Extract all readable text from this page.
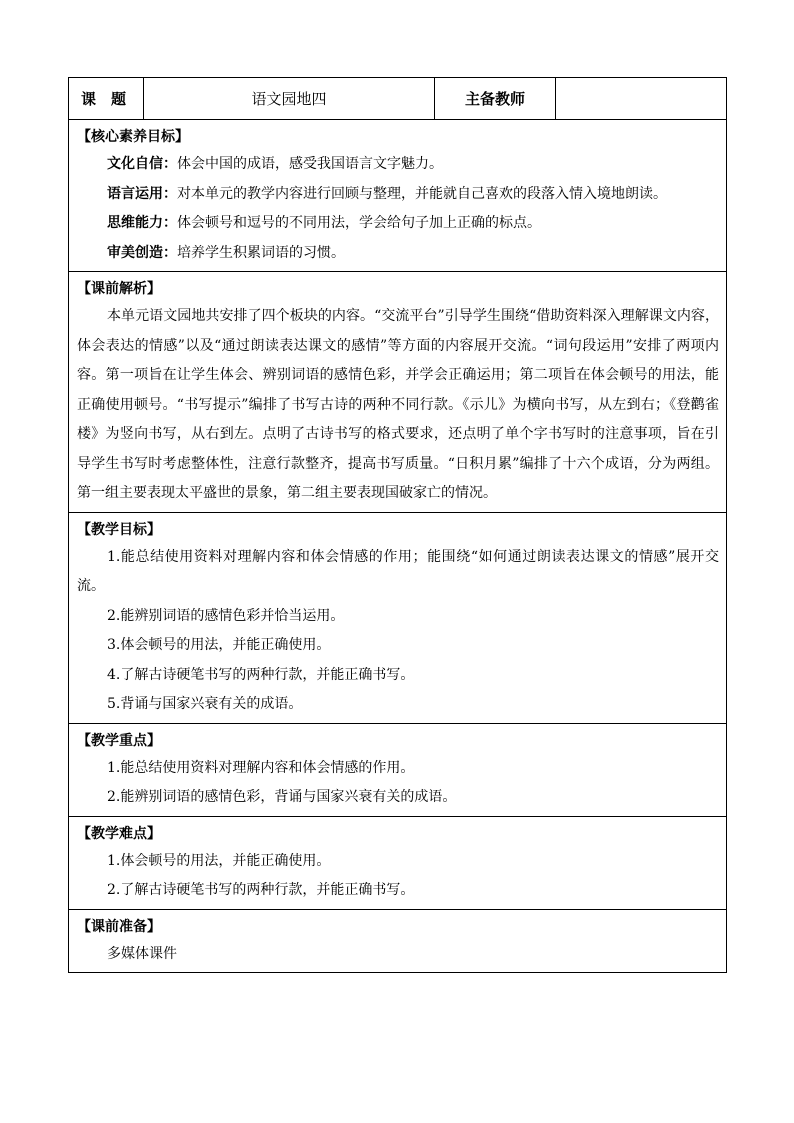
课　题	语文园地四	主备教师	

【核心素养目标】
文化自信：体会中国的成语，感受我国语言文字魅力。
语言运用：对本单元的教学内容进行回顾与整理，并能就自己喜欢的段落入情入境地朗读。
思维能力：体会顿号和逗号的不同用法，学会给句子加上正确的标点。
审美创造：培养学生积累词语的习惯。

【课前解析】
本单元语文园地共安排了四个板块的内容。“交流平台”引导学生围绕“借助资料深入理解课文内容，体会表达的情感”以及“通过朗读表达课文的感情”等方面的内容展开交流。“词句段运用”安排了两项内容。第一项旨在让学生体会、辨别词语的感情色彩，并学会正确运用；第二项旨在体会顿号的用法，能正确使用顿号。“书写提示”编排了书写古诗的两种不同行款。《示儿》为横向书写，从左到右；《登鹳雀楼》为竖向书写，从右到左。点明了古诗书写的格式要求，还点明了单个字书写时的注意事项，旨在引导学生书写时考虑整体性，注意行款整齐，提高书写质量。“日积月累”编排了十六个成语，分为两组。第一组主要表现太平盛世的景象，第二组主要表现国破家亡的情况。

【教学目标】
1.能总结使用资料对理解内容和体会情感的作用；能围绕“如何通过朗读表达课文的情感”展开交流。
2.能辨别词语的感情色彩并恰当运用。
3.体会顿号的用法，并能正确使用。
4.了解古诗硬笔书写的两种行款，并能正确书写。
5.背诵与国家兴衰有关的成语。

【教学重点】
1.能总结使用资料对理解内容和体会情感的作用。
2.能辨别词语的感情色彩，背诵与国家兴衰有关的成语。

【教学难点】
1.体会顿号的用法，并能正确使用。
2.了解古诗硬笔书写的两种行款，并能正确书写。

【课前准备】
多媒体课件
